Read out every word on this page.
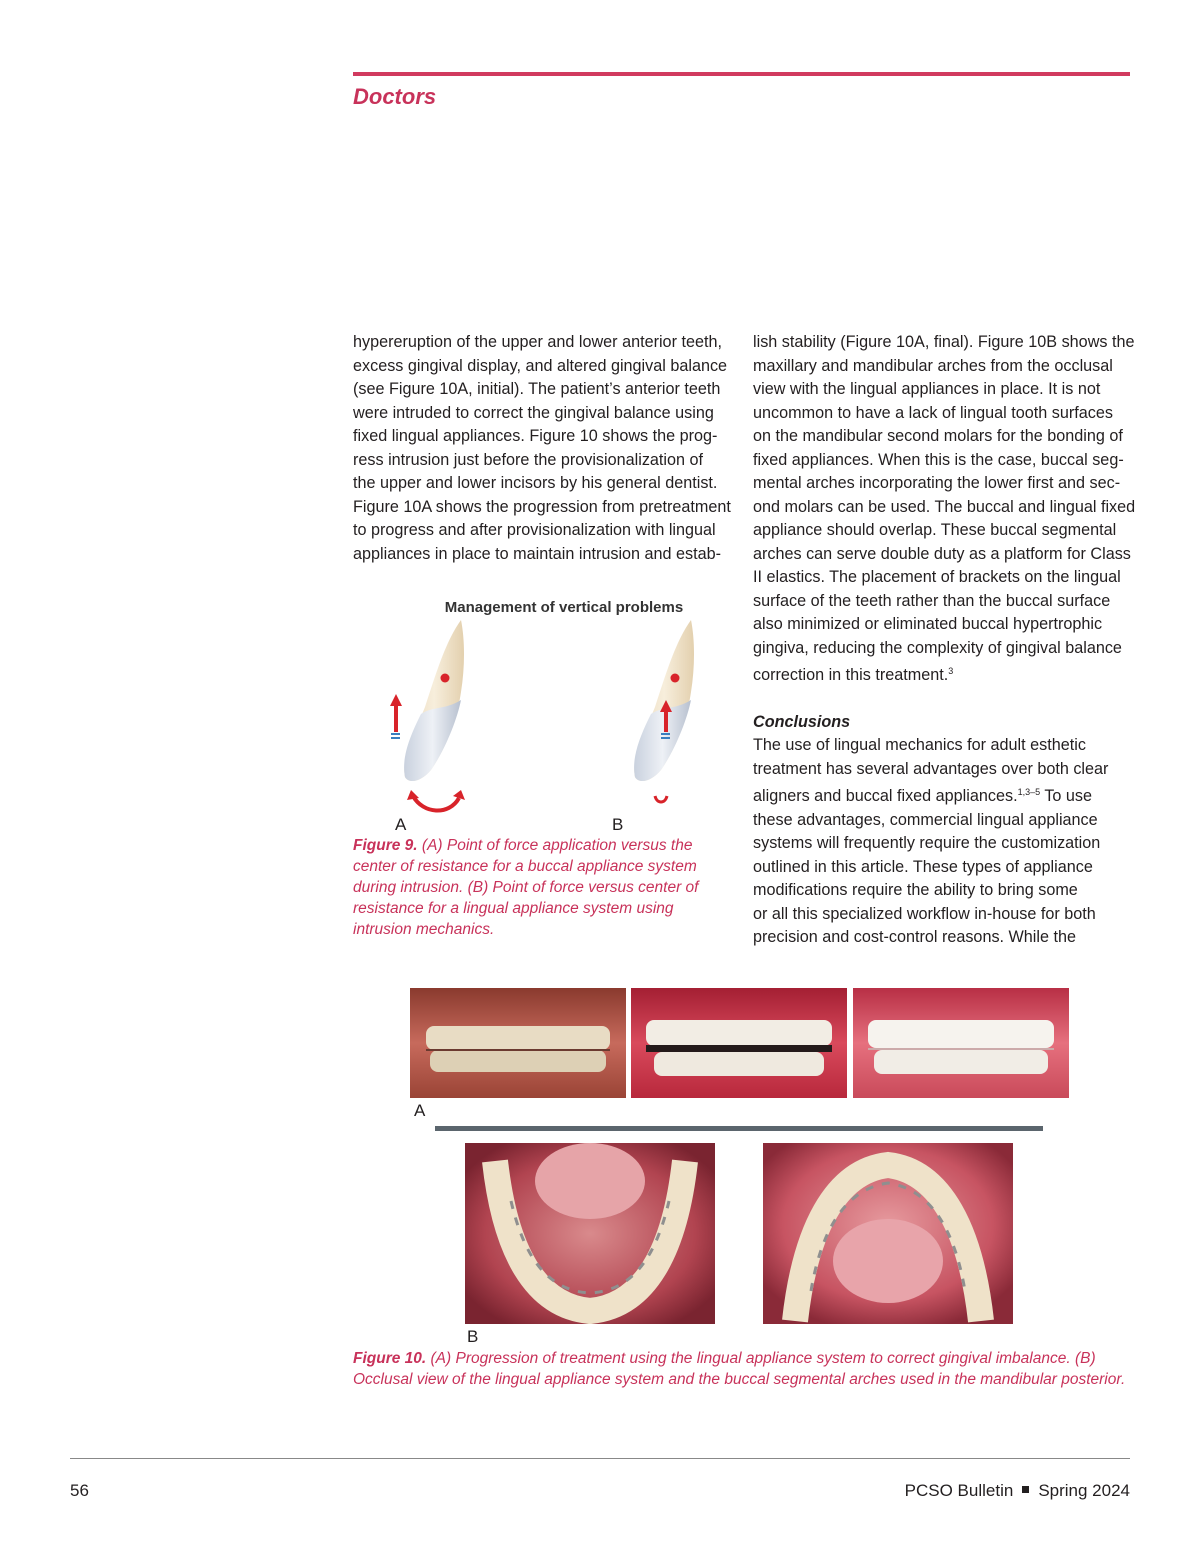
Doctors
hypereruption of the upper and lower anterior teeth,
excess gingival display, and altered gingival balance
(see Figure 10A, initial). The patient’s anterior teeth
were intruded to correct the gingival balance using
fixed lingual appliances. Figure 10 shows the prog-
ress intrusion just before the provisionalization of
the upper and lower incisors by his general dentist.
Figure 10A shows the progression from pretreatment
to progress and after provisionalization with lingual
appliances in place to maintain intrusion and estab-
lish stability (Figure 10A, final). Figure 10B shows the
maxillary and mandibular arches from the occlusal
view with the lingual appliances in place. It is not
uncommon to have a lack of lingual tooth surfaces
on the mandibular second molars for the bonding of
fixed appliances. When this is the case, buccal seg-
mental arches incorporating the lower first and sec-
ond molars can be used. The buccal and lingual fixed
appliance should overlap. These buccal segmental
arches can serve double duty as a platform for Class
II elastics. The placement of brackets on the lingual
surface of the teeth rather than the buccal surface
also minimized or eliminated buccal hypertrophic
gingiva, reducing the complexity of gingival balance
correction in this treatment.$^3$

Conclusions

The use of lingual mechanics for adult esthetic
treatment has several advantages over both clear
aligners and buccal fixed appliances.$^{1,3-5}$ To use
these advantages, commercial lingual appliance
systems will frequently require the customization
outlined in this article. These types of appliance
modifications require the ability to bring some
or all this specialized workflow in-house for both
precision and cost-control reasons. While the
Management of vertical problems
A	B
Figure 9. (A) Point of force application versus the center of resistance for a buccal appliance system during intrusion. (B) Point of force versus center of resistance for a lingual appliance system using intrusion mechanics.
A
B
Figure 10. (A) Progression of treatment using the lingual appliance system to correct gingival imbalance. (B) Occlusal view of the lingual appliance system and the buccal segmental arches used in the mandibular posterior.
56	PCSO Bulletin Spring 2024
